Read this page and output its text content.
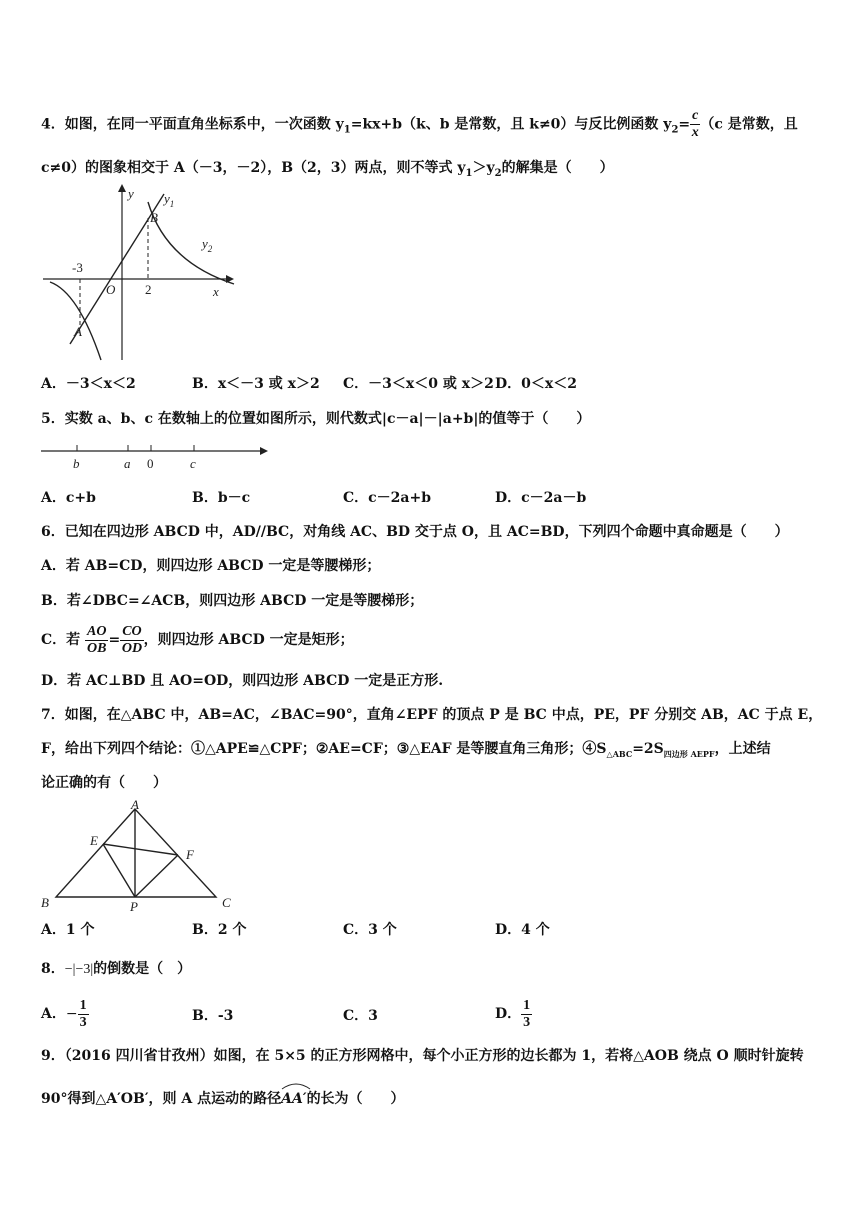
4．如图，在同一平面直角坐标系中，一次函数 $y_1=kx+b(k$、b 是常数，且 k≠0）与反比例函数 $y_2= \frac{c}{x} (c$ 是常数，且
c≠0）的图象相交于 A（－3，－2），B（2，3）两点，则不等式 $y_1>y_2$的解集是（　　）
y
x
O
-3
2
A
B
$y_1$
$y_2$
A．－3＜x＜2	B．x＜－3 或 x＞2 C．－3＜x＜0 或 x＞2 D．0＜x＜2
5．实数 a、b、c 在数轴上的位置如图所示，则代数式|c－a|－|a+b|的值等于（　　）
b	a 0	c
A．c+b	B．b－c	C．c－2a+b	D．c－2a－b
6．已知在四边形 ABCD 中，AD//BC，对角线 AC、BD 交于点 O，且 AC=BD，下列四个命题中真命题是（　　）
A．若 AB=CD，则四边形 ABCD 一定是等腰梯形；
B．若∠DBC=∠ACB，则四边形 ABCD 一定是等腰梯形；
C．若 $\frac{AO}{OB} = \frac{CO}{OD}$ ，则四边形 ABCD 一定是矩形；
D．若 AC⊥BD 且 AO=OD，则四边形 ABCD 一定是正方形.
7．如图，在△ABC 中，AB=AC，∠BAC=90°，直角∠EPF 的顶点 P 是 BC 中点，PE，PF 分别交 AB，AC 于点 E，
F，给出下列四个结论：①△APE≌△CPF；②AE=CF；③△EAF 是等腰直角三角形；$④S_{\triangle ABC}=2S_{四边形 AEPF}$，上述结
论正确的有（　　）
A
B	C
E
F
P
A．1 个	B．2 个	C．3 个	D．4 个
8．−|−3|的倒数是（　）
A．− $\frac{1}{3}$	B．-3	C．3	D． $\frac{1}{3}$
9．（2016 四川省甘孜州）如图，在 5×5 的正方形网格中，每个小正方形的边长都为 1，若将△AOB 绕点 O 顺时针旋转
90°得到△A′OB′，则 A 点运动的路径
AA′的长为（　　）
